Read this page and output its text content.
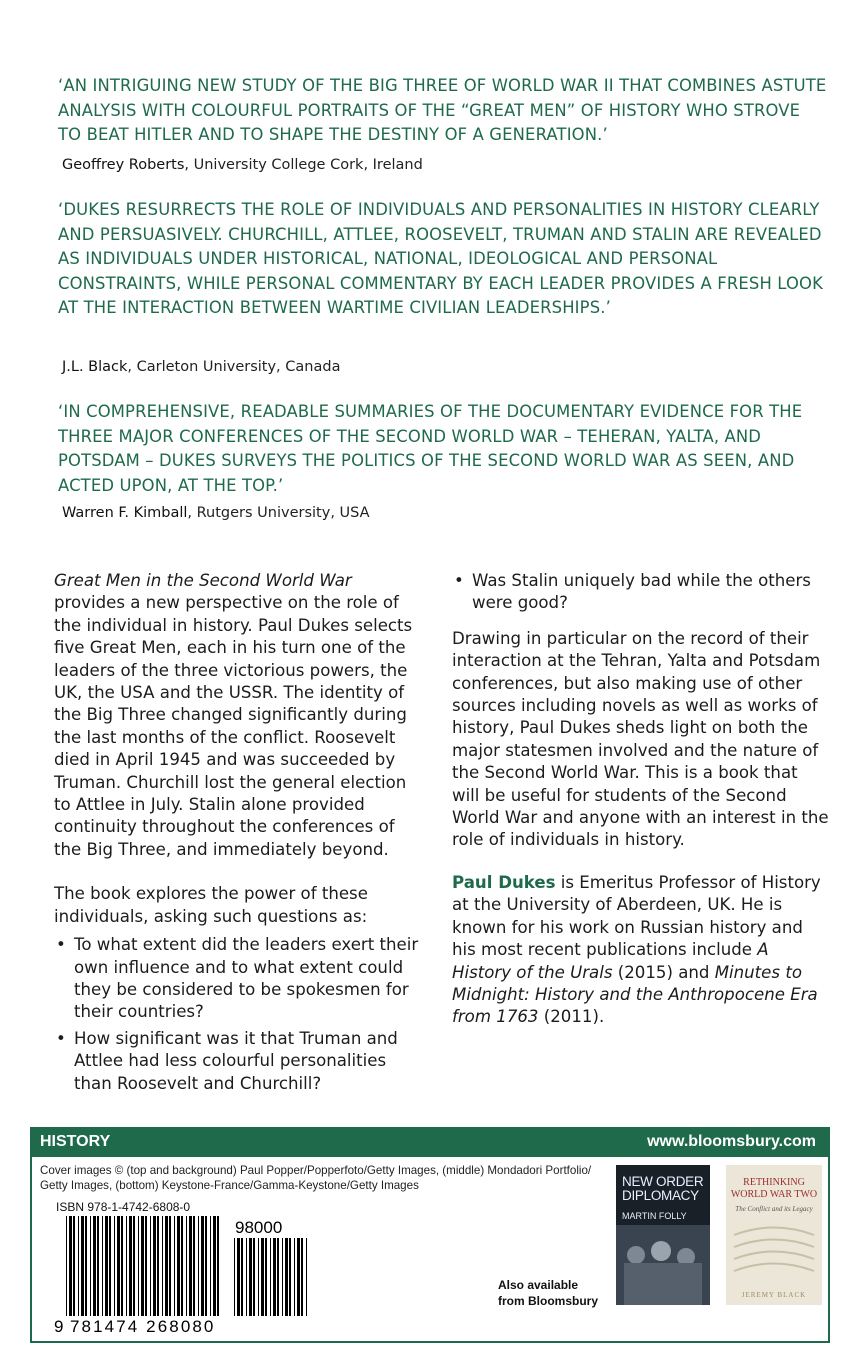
‘AN INTRIGUING NEW STUDY OF THE BIG THREE OF WORLD WAR II THAT COMBINES ASTUTE ANALYSIS WITH COLOURFUL PORTRAITS OF THE “GREAT MEN” OF HISTORY WHO STROVE TO BEAT HITLER AND TO SHAPE THE DESTINY OF A GENERATION.’
Geoffrey Roberts, University College Cork, Ireland
‘DUKES RESURRECTS THE ROLE OF INDIVIDUALS AND PERSONALITIES IN HISTORY CLEARLY AND PERSUASIVELY. CHURCHILL, ATTLEE, ROOSEVELT, TRUMAN AND STALIN ARE REVEALED AS INDIVIDUALS UNDER HISTORICAL, NATIONAL, IDEOLOGICAL AND PERSONAL CONSTRAINTS, WHILE PERSONAL COMMENTARY BY EACH LEADER PROVIDES A FRESH LOOK AT THE INTERACTION BETWEEN WARTIME CIVILIAN LEADERSHIPS.’
J.L. Black, Carleton University, Canada
‘IN COMPREHENSIVE, READABLE SUMMARIES OF THE DOCUMENTARY EVIDENCE FOR THE THREE MAJOR CONFERENCES OF THE SECOND WORLD WAR – TEHERAN, YALTA, AND POTSDAM – DUKES SURVEYS THE POLITICS OF THE SECOND WORLD WAR AS SEEN, AND ACTED UPON, AT THE TOP.’
Warren F. Kimball, Rutgers University, USA

Great Men in the Second World War provides a new perspective on the role of the individual in history. Paul Dukes selects five Great Men, each in his turn one of the leaders of the three victorious powers, the UK, the USA and the USSR. The identity of the Big Three changed significantly during the last months of the conflict. Roosevelt died in April 1945 and was succeeded by Truman. Churchill lost the general election to Attlee in July. Stalin alone provided continuity throughout the conferences of the Big Three, and immediately beyond.

The book explores the power of these individuals, asking such questions as:

• To what extent did the leaders exert their own influence and to what extent could they be considered to be spokesmen for their countries?
• How significant was it that Truman and Attlee had less colourful personalities than Roosevelt and Churchill?
• Was Stalin uniquely bad while the others were good?

Drawing in particular on the record of their interaction at the Tehran, Yalta and Potsdam conferences, but also making use of other sources including novels as well as works of history, Paul Dukes sheds light on both the major statesmen involved and the nature of the Second World War. This is a book that will be useful for students of the Second World War and anyone with an interest in the role of individuals in history.

Paul Dukes is Emeritus Professor of History at the University of Aberdeen, UK. He is known for his work on Russian history and his most recent publications include A History of the Urals (2015) and Minutes to Midnight: History and the Anthropocene Era from 1763 (2011).

HISTORY	www.bloomsbury.com
Cover images © (top and background) Paul Popper/Popperfoto/Getty Images, (middle) Mondadori Portfolio/ Getty Images, (bottom) Keystone-France/Gamma-Keystone/Getty Images
ISBN 978-1-4742-6808-0
98000
9 781474 268080
Also available
from Bloomsbury
NEW ORDER
DIPLOMACY
MARTIN FOLLY
RETHINKING
WORLD WAR TWO
The Conflict and its Legacy
JEREMY BLACK
